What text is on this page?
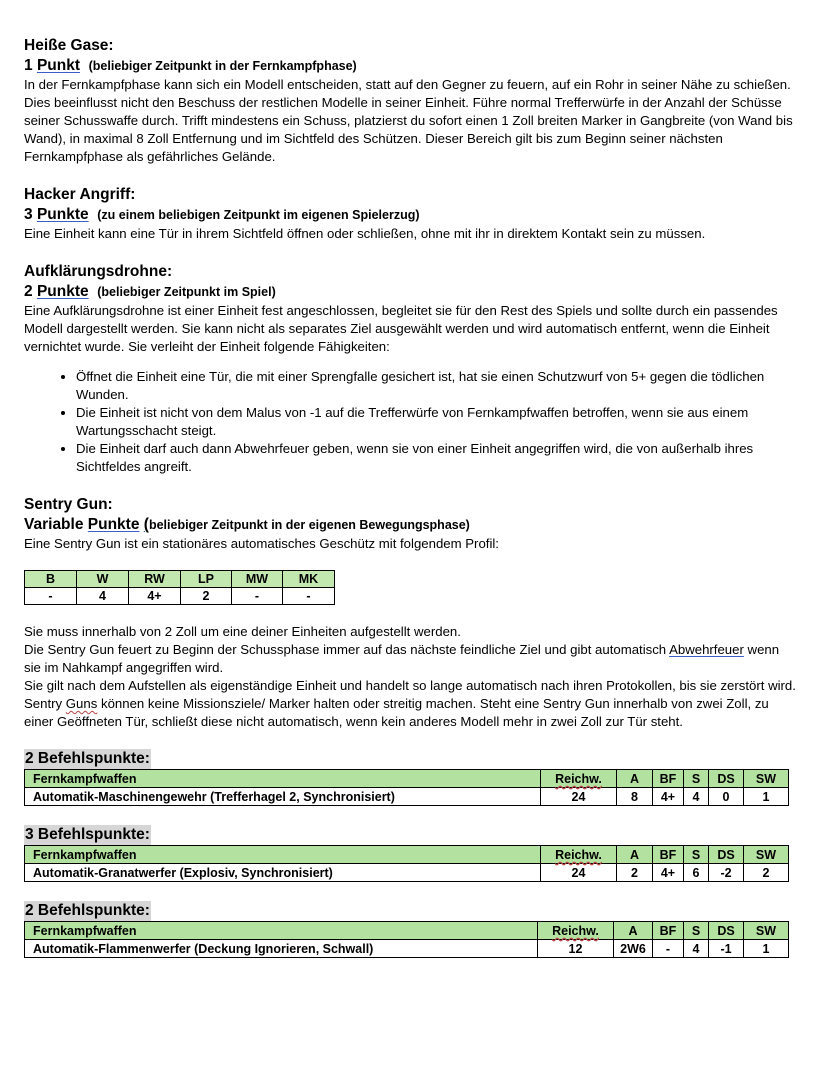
Heiße Gase:
1 Punkt (beliebiger Zeitpunkt in der Fernkampfphase)

In der Fernkampfphase kann sich ein Modell entscheiden, statt auf den Gegner zu feuern, auf ein Rohr in seiner Nähe zu schießen. Dies beeinflusst nicht den Beschuss der restlichen Modelle in seiner Einheit. Führe normal Trefferwürfe in der Anzahl der Schüsse seiner Schusswaffe durch. Trifft mindestens ein Schuss, platzierst du sofort einen 1 Zoll breiten Marker in Gangbreite (von Wand bis Wand), in maximal 8 Zoll Entfernung und im Sichtfeld des Schützen. Dieser Bereich gilt bis zum Beginn seiner nächsten Fernkampfphase als gefährliches Gelände.

Hacker Angriff:
3 Punkte (zu einem beliebigen Zeitpunkt im eigenen Spielerzug)

Eine Einheit kann eine Tür in ihrem Sichtfeld öffnen oder schließen, ohne mit ihr in direktem Kontakt sein zu müssen.

Aufklärungsdrohne:
2 Punkte (beliebiger Zeitpunkt im Spiel)

Eine Aufklärungsdrohne ist einer Einheit fest angeschlossen, begleitet sie für den Rest des Spiels und sollte durch ein passendes Modell dargestellt werden. Sie kann nicht als separates Ziel ausgewählt werden und wird automatisch entfernt, wenn die Einheit vernichtet wurde. Sie verleiht der Einheit folgende Fähigkeiten:

• Öffnet die Einheit eine Tür, die mit einer Sprengfalle gesichert ist, hat sie einen Schutzwurf von 5+ gegen die tödlichen Wunden.
• Die Einheit ist nicht von dem Malus von -1 auf die Trefferwürfe von Fernkampfwaffen betroffen, wenn sie aus einem Wartungsschacht steigt.
• Die Einheit darf auch dann Abwehrfeuer geben, wenn sie von einer Einheit angegriffen wird, die von außerhalb ihres Sichtfeldes angreift.
Sentry Gun:
Variable Punkte (beliebiger Zeitpunkt in der eigenen Bewegungsphase)

Eine Sentry Gun ist ein stationäres automatisches Geschütz mit folgendem Profil:

B	W	RW	LP	MW	MK
-	4	4+	2	-	-

Sie muss innerhalb von 2 Zoll um eine deiner Einheiten aufgestellt werden.

Die Sentry Gun feuert zu Beginn der Schussphase immer auf das nächste feindliche Ziel und gibt automatisch Abwehrfeuer wenn sie im Nahkampf angegriffen wird.

Sie gilt nach dem Aufstellen als eigenständige Einheit und handelt so lange automatisch nach ihren Protokollen, bis sie zerstört wird.

Sentry Guns können keine Missionsziele/ Marker halten oder streitig machen. Steht eine Sentry Gun innerhalb von zwei Zoll, zu einer Geöffneten Tür, schließt diese nicht automatisch, wenn kein anderes Modell mehr in zwei Zoll zur Tür steht.

2 Befehlspunkte:
Fernkampfwaffen	Reichw.	A	BF	S	DS	SW
Automatik-Maschinengewehr (Trefferhagel 2, Synchronisiert)	24	8	4+	4	0	1
3 Befehlspunkte:
Fernkampfwaffen	Reichw.	A	BF	S	DS	SW
Automatik-Granatwerfer (Explosiv, Synchronisiert)	24	2	4+	6	-2	2
2 Befehlspunkte:
Fernkampfwaffen	Reichw.	A	BF	S	DS	SW
Automatik-Flammenwerfer (Deckung Ignorieren, Schwall)	12	2W6	-	4	-1	1
